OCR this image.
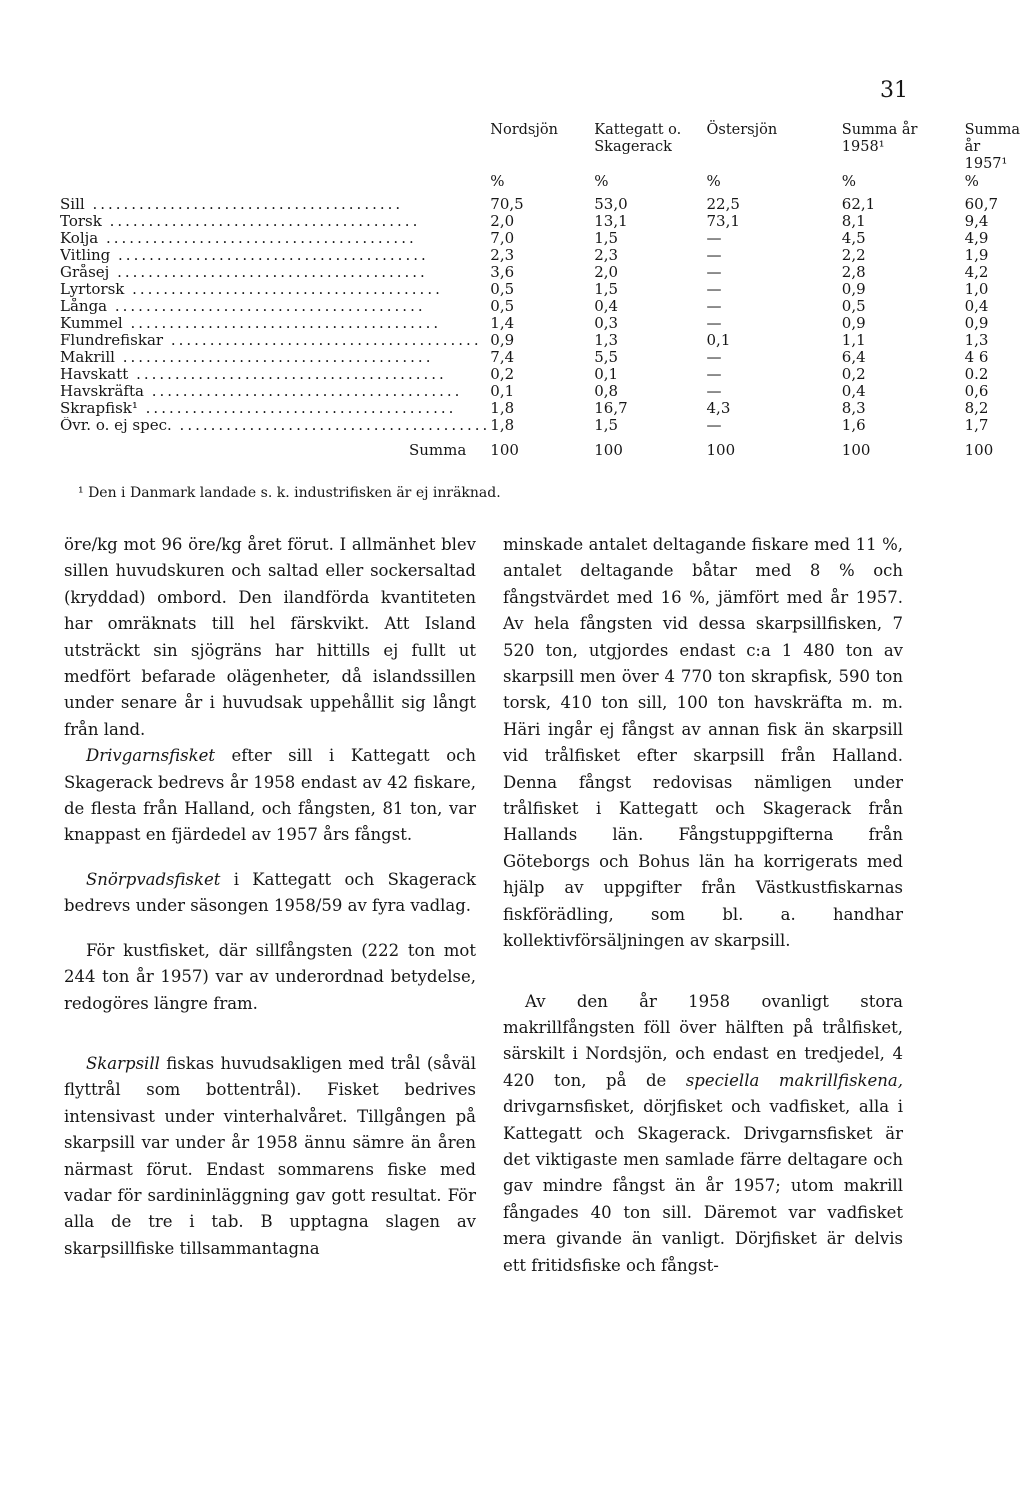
31
	Nordsjön	Kattegatt o. Skagerack	Östersjön	Summa år 1958¹	Summa år 1957¹
	%	%	%	%	%
Sill ........................................	70,5	53,0	22,5	62,1	60,7
Torsk ........................................	2,0	13,1	73,1	8,1	9,4
Kolja ........................................	7,0	1,5	—	4,5	4,9
Vitling ........................................	2,3	2,3	—	2,2	1,9
Gråsej ........................................	3,6	2,0	—	2,8	4,2
Lyrtorsk ........................................	0,5	1,5	—	0,9	1,0
Långa ........................................	0,5	0,4	—	0,5	0,4
Kummel ........................................	1,4	0,3	—	0,9	0,9
Flundrefiskar ........................................	0,9	1,3	0,1	1,1	1,3
Makrill ........................................	7,4	5,5	—	6,4	4 6
Havskatt ........................................	0,2	0,1	—	0,2	0.2
Havskräfta ........................................	0,1	0,8	—	0,4	0,6
Skrapfisk¹ ........................................	1,8	16,7	4,3	8,3	8,2
Övr. o. ej spec. ........................................	1,8	1,5	—	1,6	1,7
Summa	100	100	100	100	100
¹ Den i Danmark landade s. k. industrifisken är ej inräknad.

öre/kg mot 96 öre/kg året förut. I allmänhet blev sillen huvudskuren och saltad eller sockersaltad (kryddad) ombord. Den ilandförda kvantiteten har omräknats till hel färskvikt. Att Island utsträckt sin sjögräns har hittills ej fullt ut medfört befarade olägenheter, då islandssillen under senare år i huvudsak uppehållit sig långt från land.

Drivgarnsfisket efter sill i Kattegatt och Skagerack bedrevs år 1958 endast av 42 fiskare, de flesta från Halland, och fångsten, 81 ton, var knappast en fjärdedel av 1957 års fångst.

Snörpvadsfisket i Kattegatt och Skagerack bedrevs under säsongen 1958/59 av fyra vadlag.

För kustfisket, där sillfångsten (222 ton mot 244 ton år 1957) var av underordnad betydelse, redogöres längre fram.

Skarpsill fiskas huvudsakligen med trål (såväl flyttrål som bottentrål). Fisket bedrives intensivast under vinterhalvåret. Tillgången på skarpsill var under år 1958 ännu sämre än åren närmast förut. Endast sommarens fiske med vadar för sardininläggning gav gott resultat. För alla de tre i tab. B upptagna slagen av skarpsillfiske tillsammantagna

minskade antalet deltagande fiskare med 11 %, antalet deltagande båtar med 8 % och fångstvärdet med 16 %, jämfört med år 1957. Av hela fångsten vid dessa skarpsillfisken, 7 520 ton, utgjordes endast c:a 1 480 ton av skarpsill men över 4 770 ton skrapfisk, 590 ton torsk, 410 ton sill, 100 ton havskräfta m. m. Häri ingår ej fångst av annan fisk än skarpsill vid trålfisket efter skarpsill från Halland. Denna fångst redovisas nämligen under trålfisket i Kattegatt och Skagerack från Hallands län. Fångstuppgifterna från Göteborgs och Bohus län ha korrigerats med hjälp av uppgifter från Västkustfiskarnas fiskförädling, som bl. a. handhar kollektivförsäljningen av skarpsill.

Av den år 1958 ovanligt stora makrillfångsten föll över hälften på trålfisket, särskilt i Nordsjön, och endast en tredjedel, 4 420 ton, på de speciella makrillfiskena, drivgarnsfisket, dörjfisket och vadfisket, alla i Kattegatt och Skagerack. Drivgarnsfisket är det viktigaste men samlade färre deltagare och gav mindre fångst än år 1957; utom makrill fångades 40 ton sill. Däremot var vadfisket mera givande än vanligt. Dörjfisket är delvis ett fritidsfiske och fångst-
